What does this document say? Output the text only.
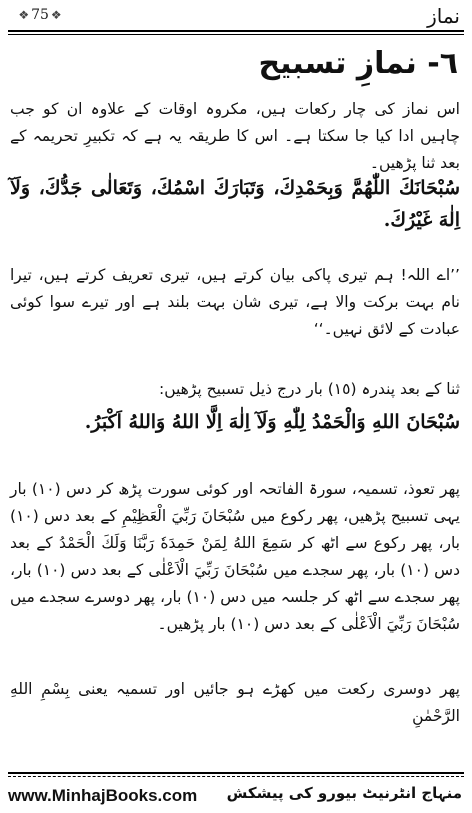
❖ 75 ❖	نماز
٦- نمازِ تسبیح
اس نماز کی چار رکعات ہیں، مکروہ اوقات کے علاوہ ان کو جب چاہیں ادا کیا جا سکتا ہے۔ اس کا طریقہ یہ ہے کہ تکبیرِ تحریمہ کے بعد ثنا پڑھیں۔
سُبْحَانَكَ اللّٰهُمَّ وَبِحَمْدِكَ، وَتَبَارَكَ اسْمُكَ، وَتَعَالٰى جَدُّكَ، وَلَآ اِلٰهَ غَيْرُكَ.
’’اے اللہ! ہم تیری پاکی بیان کرتے ہیں، تیری تعریف کرتے ہیں، تیرا نام بہت برکت والا ہے، تیری شان بہت بلند ہے اور تیرے سوا کوئی عبادت کے لائق نہیں۔‘‘
ثنا کے بعد پندرہ (١٥) بار درج ذیل تسبیح پڑھیں:
سُبْحَانَ اللهِ وَالْحَمْدُ لِلّٰهِ وَلَآ اِلٰهَ اِلَّا اللهُ وَاللهُ اَكْبَرُ.
پھر تعوذ، تسمیہ، سورۃ الفاتحہ اور کوئی سورت پڑھ کر دس (١٠) بار یہی تسبیح پڑھیں، پھر رکوع میں سُبْحَانَ رَبِّيَ الْعَظِيْمِ کے بعد دس (١٠) بار، پھر رکوع سے اٹھ کر سَمِعَ اللهُ لِمَنْ حَمِدَهٗ رَبَّنَا وَلَكَ الْحَمْدُ کے بعد دس (١٠) بار، پھر سجدے میں سُبْحَانَ رَبِّيَ الْاَعْلٰى کے بعد دس (١٠) بار، پھر سجدے سے اٹھ کر جلسہ میں دس (١٠) بار، پھر دوسرے سجدے میں سُبْحَانَ رَبِّيَ الْاَعْلٰى کے بعد دس (١٠) بار پڑھیں۔
پھر دوسری رکعت میں کھڑے ہو جائیں اور تسمیہ یعنی بِسْمِ اللهِ الرَّحْمٰنِ
www.MinhajBooks.com منہاج انٹرنیٹ بیورو کی پیشکش
